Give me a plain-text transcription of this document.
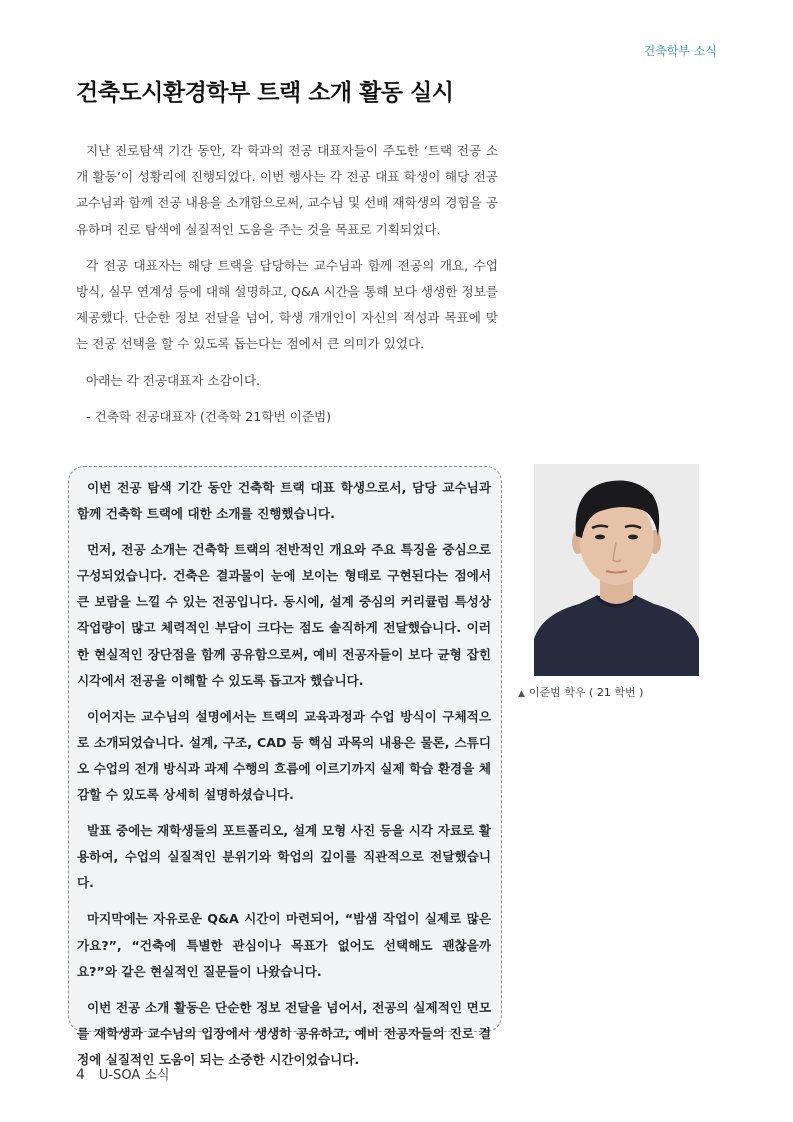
건축학부 소식
건축도시환경학부 트랙 소개 활동 실시

지난 진로탐색 기간 동안, 각 학과의 전공 대표자들이 주도한 ‘트랙 전공 소개 활동’이 성황리에 진행되었다. 이번 행사는 각 전공 대표 학생이 해당 전공 교수님과 함께 전공 내용을 소개함으로써, 교수님 및 선배 재학생의 경험을 공유하며 진로 탐색에 실질적인 도움을 주는 것을 목표로 기획되었다.

각 전공 대표자는 해당 트랙을 담당하는 교수님과 함께 전공의 개요, 수업 방식, 실무 연계성 등에 대해 설명하고, Q&A 시간을 통해 보다 생생한 정보를 제공했다. 단순한 정보 전달을 넘어, 학생 개개인이 자신의 적성과 목표에 맞는 전공 선택을 할 수 있도록 돕는다는 점에서 큰 의미가 있었다.

아래는 각 전공대표자 소감이다.

- 건축학 전공대표자 (건축학 21학번 이준범)

이번 전공 탐색 기간 동안 건축학 트랙 대표 학생으로서, 담당 교수님과 함께 건축학 트랙에 대한 소개를 진행했습니다.

먼저, 전공 소개는 건축학 트랙의 전반적인 개요와 주요 특징을 중심으로 구성되었습니다. 건축은 결과물이 눈에 보이는 형태로 구현된다는 점에서 큰 보람을 느낄 수 있는 전공입니다. 동시에, 설계 중심의 커리큘럼 특성상 작업량이 많고 체력적인 부담이 크다는 점도 솔직하게 전달했습니다. 이러한 현실적인 장단점을 함께 공유함으로써, 예비 전공자들이 보다 균형 잡힌 시각에서 전공을 이해할 수 있도록 돕고자 했습니다.

이어지는 교수님의 설명에서는 트랙의 교육과정과 수업 방식이 구체적으로 소개되었습니다. 설계, 구조, CAD 등 핵심 과목의 내용은 물론, 스튜디오 수업의 전개 방식과 과제 수행의 흐름에 이르기까지 실제 학습 환경을 체감할 수 있도록 상세히 설명하셨습니다.

발표 중에는 재학생들의 포트폴리오, 설계 모형 사진 등을 시각 자료로 활용하여, 수업의 실질적인 분위기와 학업의 깊이를 직관적으로 전달했습니다.

마지막에는 자유로운 Q&A 시간이 마련되어, “밤샘 작업이 실제로 많은가요?”, “건축에 특별한 관심이나 목표가 없어도 선택해도 괜찮을까요?”와 같은 현실적인 질문들이 나왔습니다.

이번 전공 소개 활동은 단순한 정보 전달을 넘어서, 전공의 실제적인 면모를 재학생과 교수님의 입장에서 생생히 공유하고, 예비 전공자들의 진로 결정에 실질적인 도움이 되는 소중한 시간이었습니다.

▲ 이준범 학우 ( 21 학번 )
4 U-SOA 소식
